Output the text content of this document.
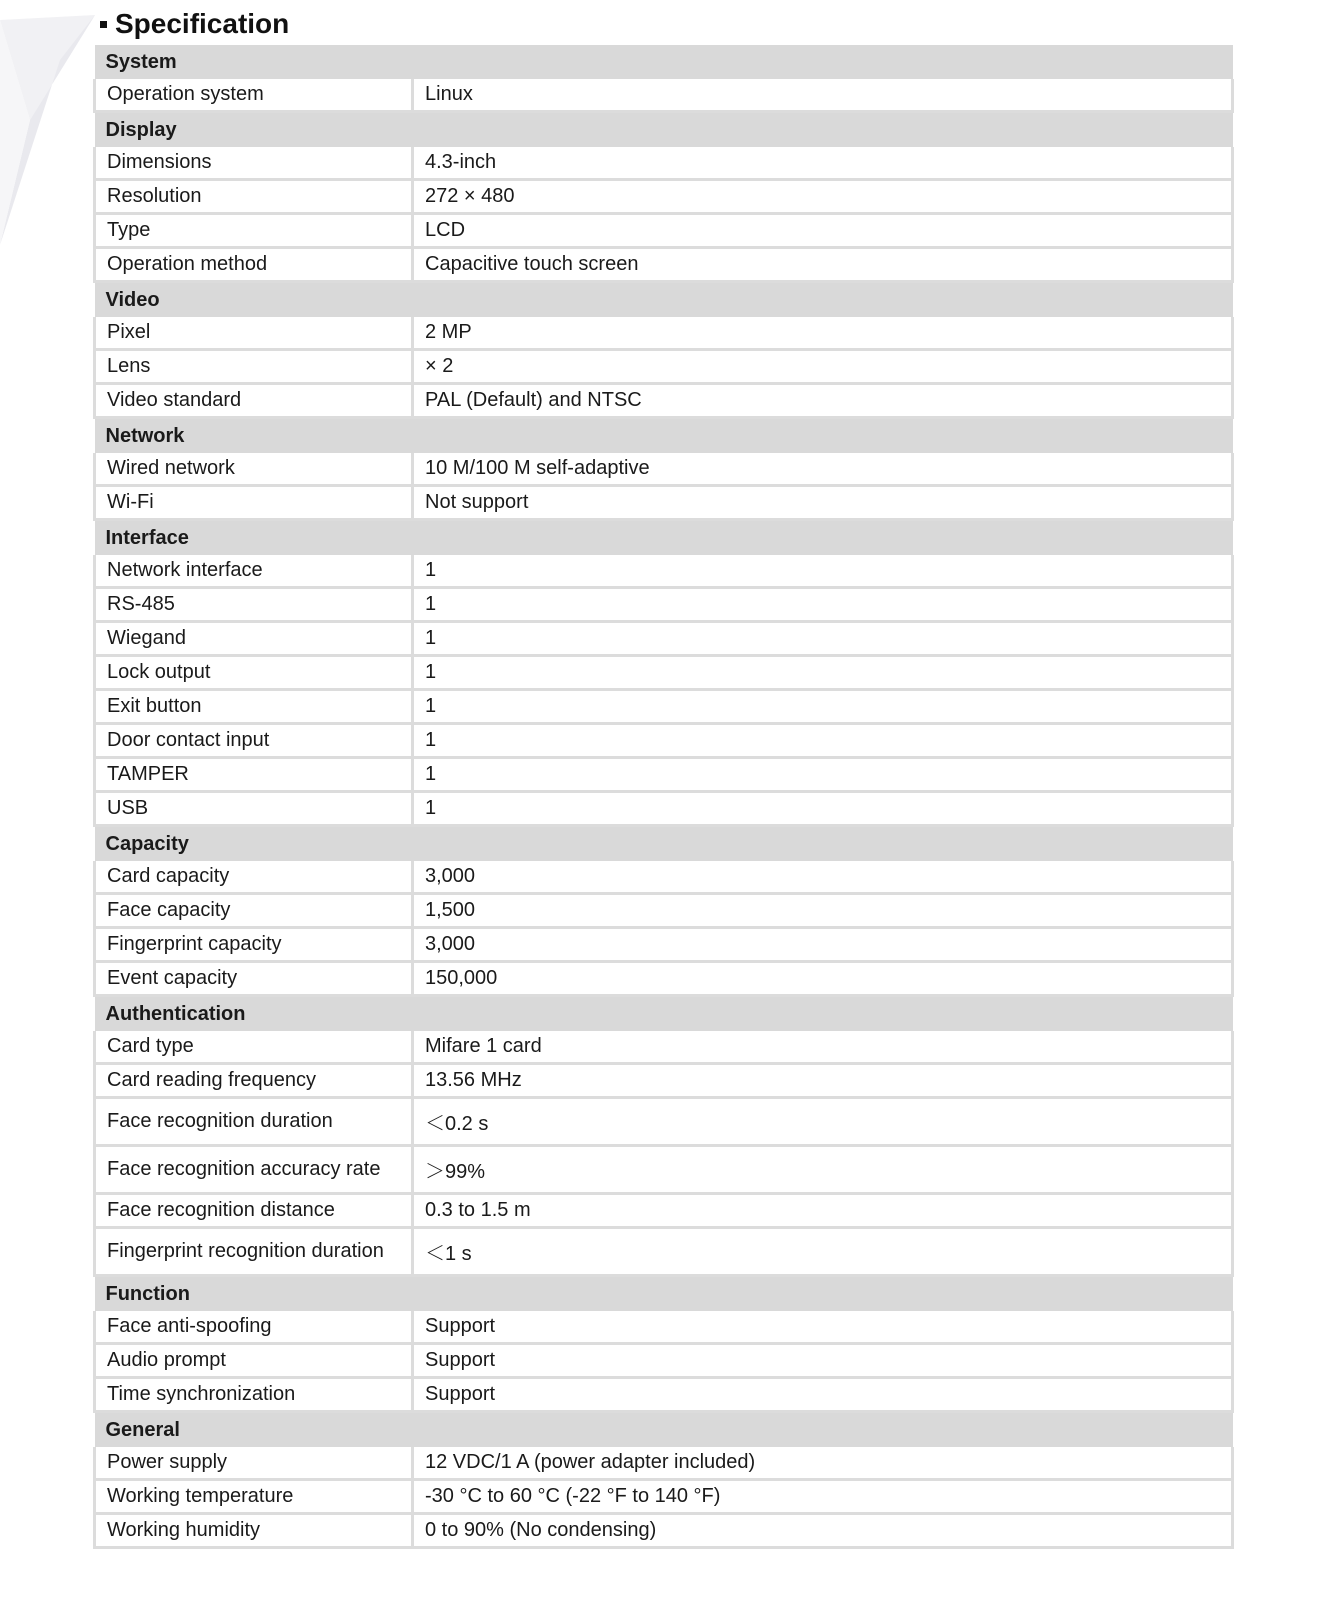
Specification
System	
Operation system	Linux
Display	
Dimensions	4.3-inch
Resolution	272 × 480
Type	LCD
Operation method	Capacitive touch screen
Video	
Pixel	2 MP
Lens	× 2
Video standard	PAL (Default) and NTSC
Network	
Wired network	10 M/100 M self-adaptive
Wi-Fi	Not support
Interface	
Network interface	1
RS-485	1
Wiegand	1
Lock output	1
Exit button	1
Door contact input	1
TAMPER	1
USB	1
Capacity	
Card capacity	3,000
Face capacity	1,500
Fingerprint capacity	3,000
Event capacity	150,000
Authentication	
Card type	Mifare 1 card
Card reading frequency	13.56 MHz
Face recognition duration	＜0.2 s
Face recognition accuracy rate	＞99%
Face recognition distance	0.3 to 1.5 m
Fingerprint recognition duration	＜1 s
Function	
Face anti-spoofing	Support
Audio prompt	Support
Time synchronization	Support
General	
Power supply	12 VDC/1 A (power adapter included)
Working temperature	-30 °C to 60 °C (-22 °F to 140 °F)
Working humidity	0 to 90% (No condensing)
